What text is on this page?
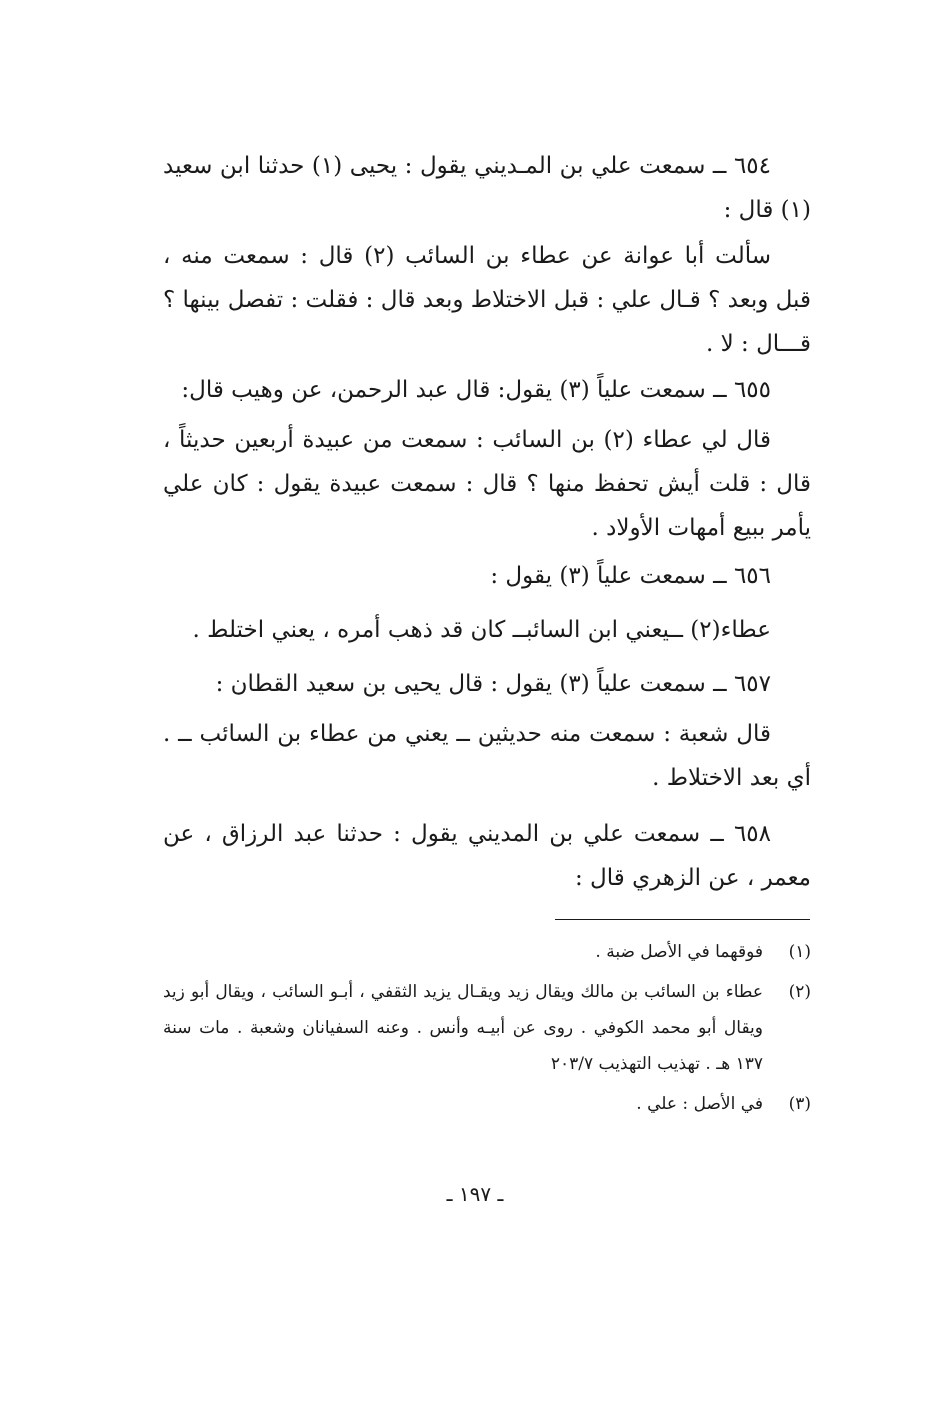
٦٥٤ ــ سمعت علي بن المـديني يقول : يحيى (١) حدثنا ابن سعيد (١) قال :

سألت أبا عوانة عن عطاء بن السائب (٢) قال : سمعت منه ، قبل وبعد ؟ قـال علي : قبل الاختلاط وبعد قال : فقلت : تفصل بينها ؟ قـــال : لا .

٦٥٥ ــ سمعت علياً (٣) يقول: قال عبد الرحمن، عن وهيب قال:

قال لي عطاء (٢) بن السائب : سمعت من عبيدة أربعين حديثاً ، قال : قلت أيش تحفظ منها ؟ قال : سمعت عبيدة يقول : كان علي يأمر ببيع أمهات الأولاد .

٦٥٦ ــ سمعت علياً (٣) يقول :

عطاء(٢) ــيعني ابن السائبــ كان قد ذهب أمره ، يعني اختلط .

٦٥٧ ــ سمعت علياً (٣) يقول : قال يحيى بن سعيد القطان :

قال شعبة : سمعت منه حديثين ــ يعني من عطاء بن السائب ــ . أي بعد الاختلاط .

٦٥٨ ــ سمعت علي بن المديني يقول : حدثنا عبد الرزاق ، عن معمر ، عن الزهري قال :

(١)
فوقهما في الأصل ضبة .
(٢)
عطاء بن السائب بن مالك ويقال زيد ويقـال يزيد الثقفي ، أبـو السائب ، ويقال أبو زيد ويقال أبو محمد الكوفي . روى عن أبيـه وأنس . وعنه السفيانان وشعبة . مات سنة ١٣٧ هـ . تهذيب التهذيب ٢٠٣/٧
(٣)
في الأصل : علي .
ـ ١٩٧ ـ
